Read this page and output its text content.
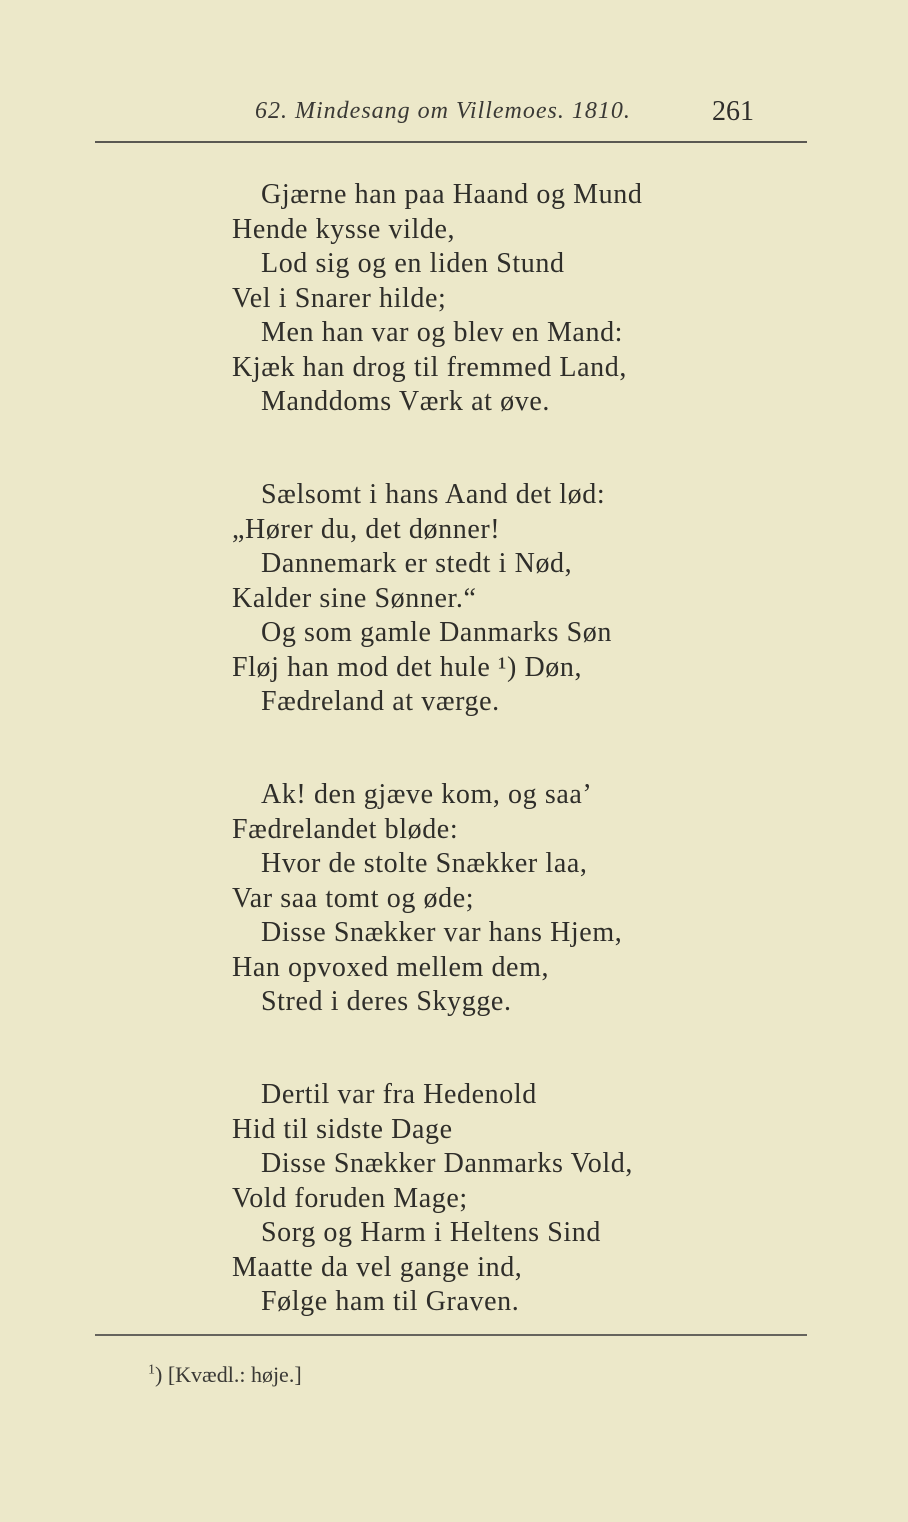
62. Mindesang om Villemoes. 1810.	261
Gjærne han paa Haand og Mund
Hende kysse vilde,
Lod sig og en liden Stund
Vel i Snarer hilde;
Men han var og blev en Mand:
Kjæk han drog til fremmed Land,
Manddoms Værk at øve.
Sælsomt i hans Aand det lød:
„Hører du, det dønner!
Dannemark er stedt i Nød,
Kalder sine Sønner.“
Og som gamle Danmarks Søn
Fløj han mod det hule ¹) Døn,
Fædreland at værge.
Ak! den gjæve kom, og saa’
Fædrelandet bløde:
Hvor de stolte Snækker laa,
Var saa tomt og øde;
Disse Snækker var hans Hjem,
Han opvoxed mellem dem,
Stred i deres Skygge.
Dertil var fra Hedenold
Hid til sidste Dage
Disse Snækker Danmarks Vold,
Vold foruden Mage;
Sorg og Harm i Heltens Sind
Maatte da vel gange ind,
Følge ham til Graven.
$^1$) [Kvædl.: høje.]
